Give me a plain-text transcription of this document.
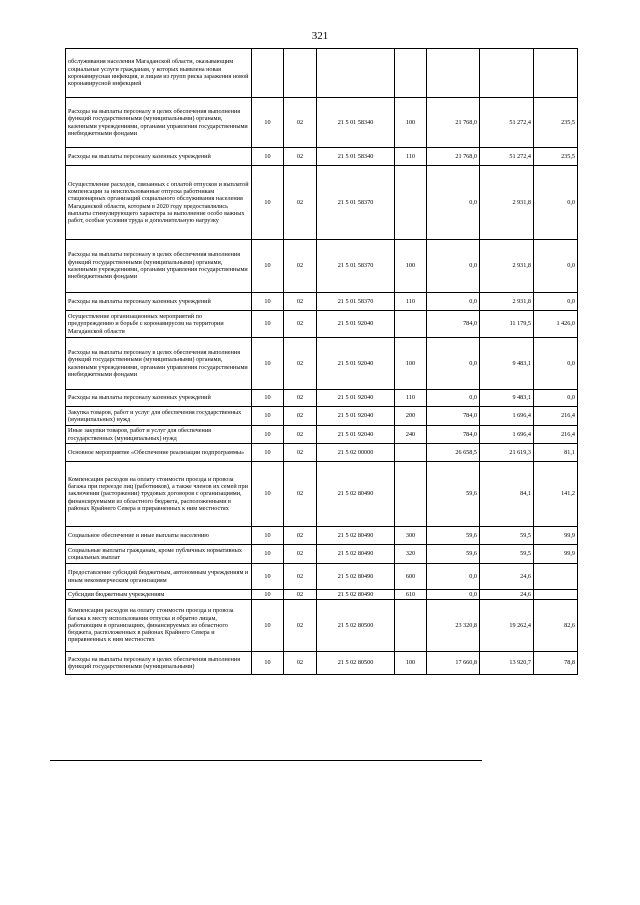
321
обслуживания населения Магаданской области, оказывающим социальные услуги гражданам, у которых выявлена новая коронавирусная инфекция, и лицам из групп риска заражения новой коронавирусной инфекцией							
Расходы на выплаты персоналу в целях обеспечения выполнения функций государственными (муниципальными) органами, казенными учреждениями, органами управления государственными внебюджетными фондами	10	02	21 5 01 58340	100	21 768,0	51 272,4	235,5
Расходы на выплаты персоналу казенных учреждений	10	02	21 5 01 58340	110	21 768,0	51 272,4	235,5
Осуществление расходов, связанных с оплатой отпусков и выплатой компенсации за неиспользованные отпуска работникам стационарных организаций социального обслуживания населения Магаданской области, которым в 2020 году предоставлялись выплаты стимулирующего характера за выполнение особо важных работ, особые условия труда и дополнительную нагрузку	10	02	21 5 01 58370		0,0	2 931,8	0,0
Расходы на выплаты персоналу в целях обеспечения выполнения функций государственными (муниципальными) органами, казенными учреждениями, органами управления государственными внебюджетными фондами	10	02	21 5 01 58370	100	0,0	2 931,8	0,0
Расходы на выплаты персоналу казенных учреждений	10	02	21 5 01 58370	110	0,0	2 931,8	0,0
Осуществление организационных мероприятий по предупреждению и борьбе с коронавирусом на территории Магаданской области	10	02	21 5 01 92040		784,0	11 179,5	1 426,0
Расходы на выплаты персоналу в целях обеспечения выполнения функций государственными (муниципальными) органами, казенными учреждениями, органами управления государственными внебюджетными фондами	10	02	21 5 01 92040	100	0,0	9 483,1	0,0
Расходы на выплаты персоналу казенных учреждений	10	02	21 5 01 92040	110	0,0	9 483,1	0,0
Закупка товаров, работ и услуг для обеспечения государственных (муниципальных) нужд	10	02	21 5 01 92040	200	784,0	1 696,4	216,4
Иные закупки товаров, работ и услуг для обеспечения государственных (муниципальных) нужд	10	02	21 5 01 92040	240	784,0	1 696,4	216,4
Основное мероприятие «Обеспечение реализации подпрограммы»	10	02	21 5 02 00000		26 658,5	21 619,3	81,1
Компенсация расходов на оплату стоимости проезда и провоза багажа при переезде лиц (работников), а также членов их семей при заключении (расторжении) трудовых договоров с организациями, финансируемыми из областного бюджета, расположенными в районах Крайнего Севера и приравненных к ним местностях	10	02	21 5 02 80490		59,6	84,1	141,2
Социальное обеспечение и иные выплаты населению	10	02	21 5 02 80490	300	59,6	59,5	99,9
Социальные выплаты гражданам, кроме публичных нормативных социальных выплат	10	02	21 5 02 80490	320	59,6	59,5	99,9
Предоставление субсидий бюджетным, автономным учреждениям и иным некоммерческим организациям	10	02	21 5 02 80490	600	0,0	24,6	
Субсидии бюджетным учреждениям	10	02	21 5 02 80490	610	0,0	24,6	
Компенсация расходов на оплату стоимости проезда и провоза багажа к месту использования отпуска и обратно лицам, работающим в организациях, финансируемых из областного бюджета, расположенных в районах Крайнего Севера и приравненных к ним местностях	10	02	21 5 02 80500		23 320,8	19 262,4	82,6
Расходы на выплаты персоналу в целях обеспечения выполнения функций государственными (муниципальными)	10	02	21 5 02 80500	100	17 660,8	13 920,7	78,8
